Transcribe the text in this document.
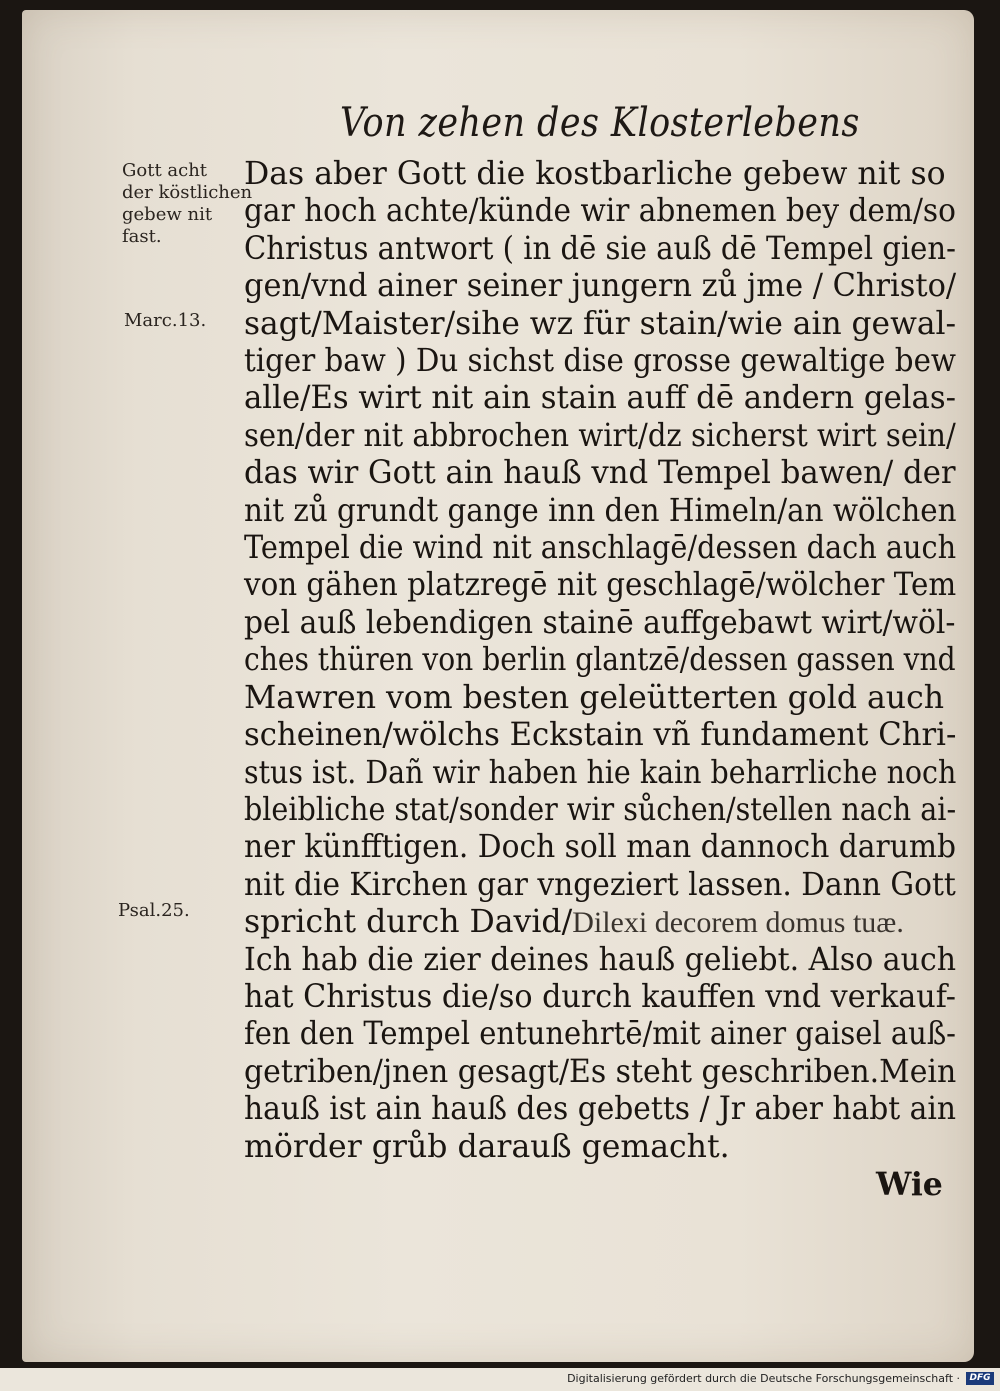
Von zehen des Klosterlebens
Gott acht
der köstlichen
gebew nit
fast.
Marc.13.
Psal.25.
Das aber Gott die kostbarliche gebew nit so
gar hoch achte/künde wir abnemen bey dem/so
Christus antwort ( in dē sie auß dē Tempel gien-
gen/vnd ainer seiner jungern zů jme / Christo/
sagt/Maister/sihe wz für stain/wie ain gewal-
tiger baw ) Du sichst dise grosse gewaltige bew
alle/Es wirt nit ain stain auff dē andern gelas-
sen/der nit abbrochen wirt/dz sicherst wirt sein/
das wir Gott ain hauß vnd Tempel bawen/ der
nit zů grundt gange inn den Himeln/an wölchen
Tempel die wind nit anschlagē/dessen dach auch
von gähen platzregē nit geschlagē/wölcher Tem
pel auß lebendigen stainē auffgebawt wirt/wöl-
ches thüren von berlin glantzē/dessen gassen vnd
Mawren vom besten geleütterten gold auch
scheinen/wölchs Eckstain vñ fundament Chri-
stus ist. Dañ wir haben hie kain beharrliche noch
bleibliche stat/sonder wir sůchen/stellen nach ai-
ner künfftigen. Doch soll man dannoch darumb
nit die Kirchen gar vngeziert lassen. Dann Gott
spricht durch David/Dilexi decorem domus tuæ.
Ich hab die zier deines hauß geliebt. Also auch
hat Christus die/so durch kauffen vnd verkauf-
fen den Tempel entunehrtē/mit ainer gaisel auß-
getriben/jnen gesagt/Es steht geschriben.Mein
hauß ist ain hauß des gebetts / Jr aber habt ain
mörder grůb darauß gemacht.
Wie
Digitalisierung gefördert durch die Deutsche Forschungsgemeinschaft ·	DFG
